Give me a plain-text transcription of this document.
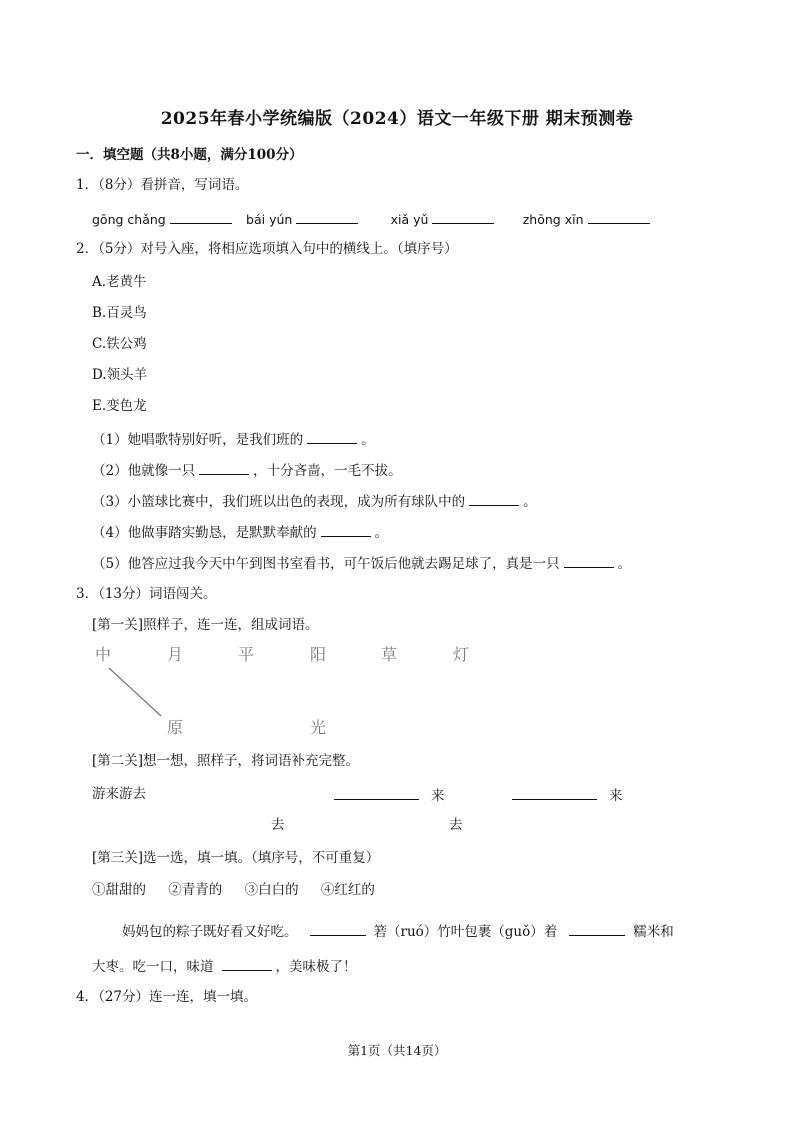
2025年春小学统编版（2024）语文一年级下册 期末预测卷
一．填空题（共8小题，满分100分）
1．（8分）看拼音，写词语。
gōng chǎng	bái yún	xiǎ yǔ	zhōng xīn
2．（5分）对号入座，将相应选项填入句中的横线上。（填序号）
A.老黄牛
B.百灵鸟
C.铁公鸡
D.领头羊
E.变色龙
（1）她唱歌特别好听，是我们班的	。
（2）他就像一只	，十分吝啬，一毛不拔。
（3）小篮球比赛中，我们班以出色的表现，成为所有球队中的	。
（4）他做事踏实勤恳，是默默奉献的	。
（5）他答应过我今天中午到图书室看书，可午饭后他就去踢足球了，真是一只	。
3．（13分）词语闯关。
[第一关]照样子，连一连，组成词语。
中	月	平	阳	草	灯
原	光
[第二关]想一想，照样子，将词语补充完整。
游来游去	来	来
去	去
[第三关]选一选，填一填。（填序号，不可重复）
①甜甜的 ②青青的 ③白白的 ④红红的
妈妈包的粽子既好看又好吃。	箬（ruó）竹叶包裹（guǒ）着	糯米和
大枣。吃一口，味道	，美味极了！
4．（27分）连一连，填一填。
第1页（共14页）
